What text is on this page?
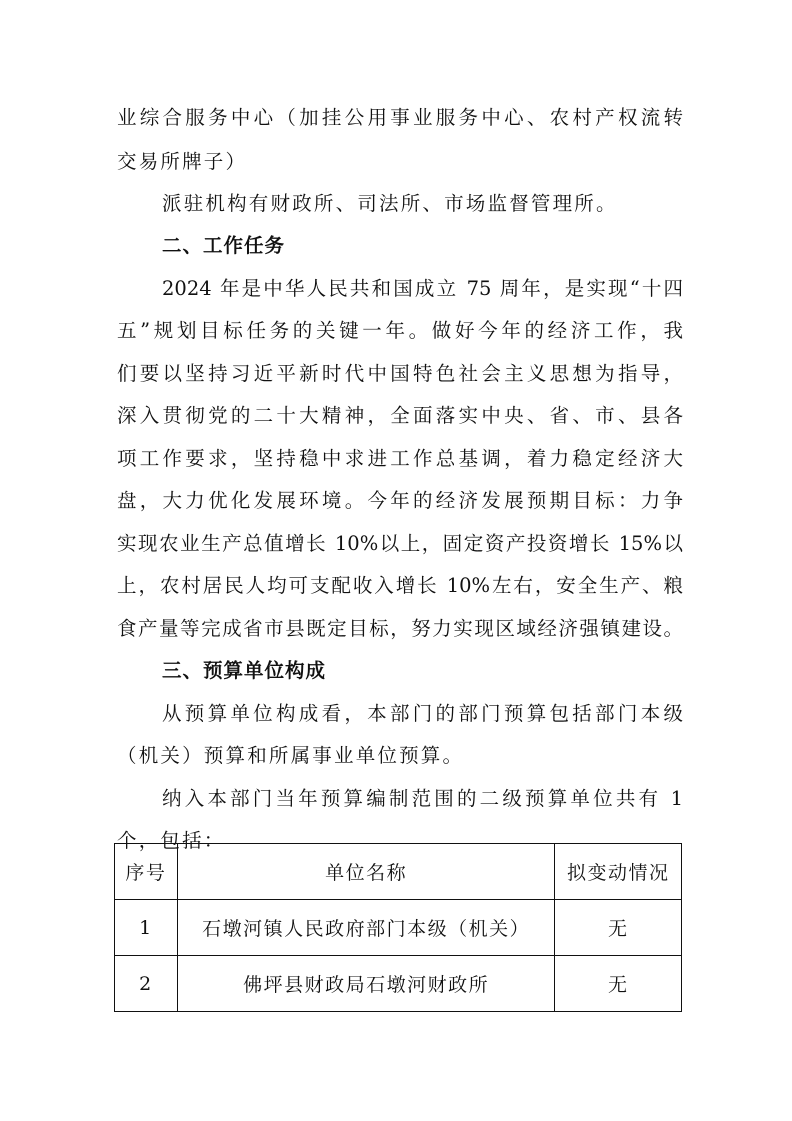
业综合服务中心（加挂公用事业服务中心、农村产权流转
交易所牌子）
派驻机构有财政所、司法所、市场监督管理所。
二、工作任务
2024 年是中华人民共和国成立 75 周年，是实现“十四
五”规划目标任务的关键一年。做好今年的经济工作，我
们要以坚持习近平新时代中国特色社会主义思想为指导，
深入贯彻党的二十大精神，全面落实中央、省、市、县各
项工作要求，坚持稳中求进工作总基调，着力稳定经济大
盘，大力优化发展环境。今年的经济发展预期目标：力争
实现农业生产总值增长 10%以上，固定资产投资增长 15%以
上，农村居民人均可支配收入增长 10%左右，安全生产、粮
食产量等完成省市县既定目标，努力实现区域经济强镇建设。
三、预算单位构成
从预算单位构成看，本部门的部门预算包括部门本级
（机关）预算和所属事业单位预算。
纳入本部门当年预算编制范围的二级预算单位共有 1
个，包括：
序号	单位名称	拟变动情况
1	石墩河镇人民政府部门本级（机关）	无
2	佛坪县财政局石墩河财政所	无
